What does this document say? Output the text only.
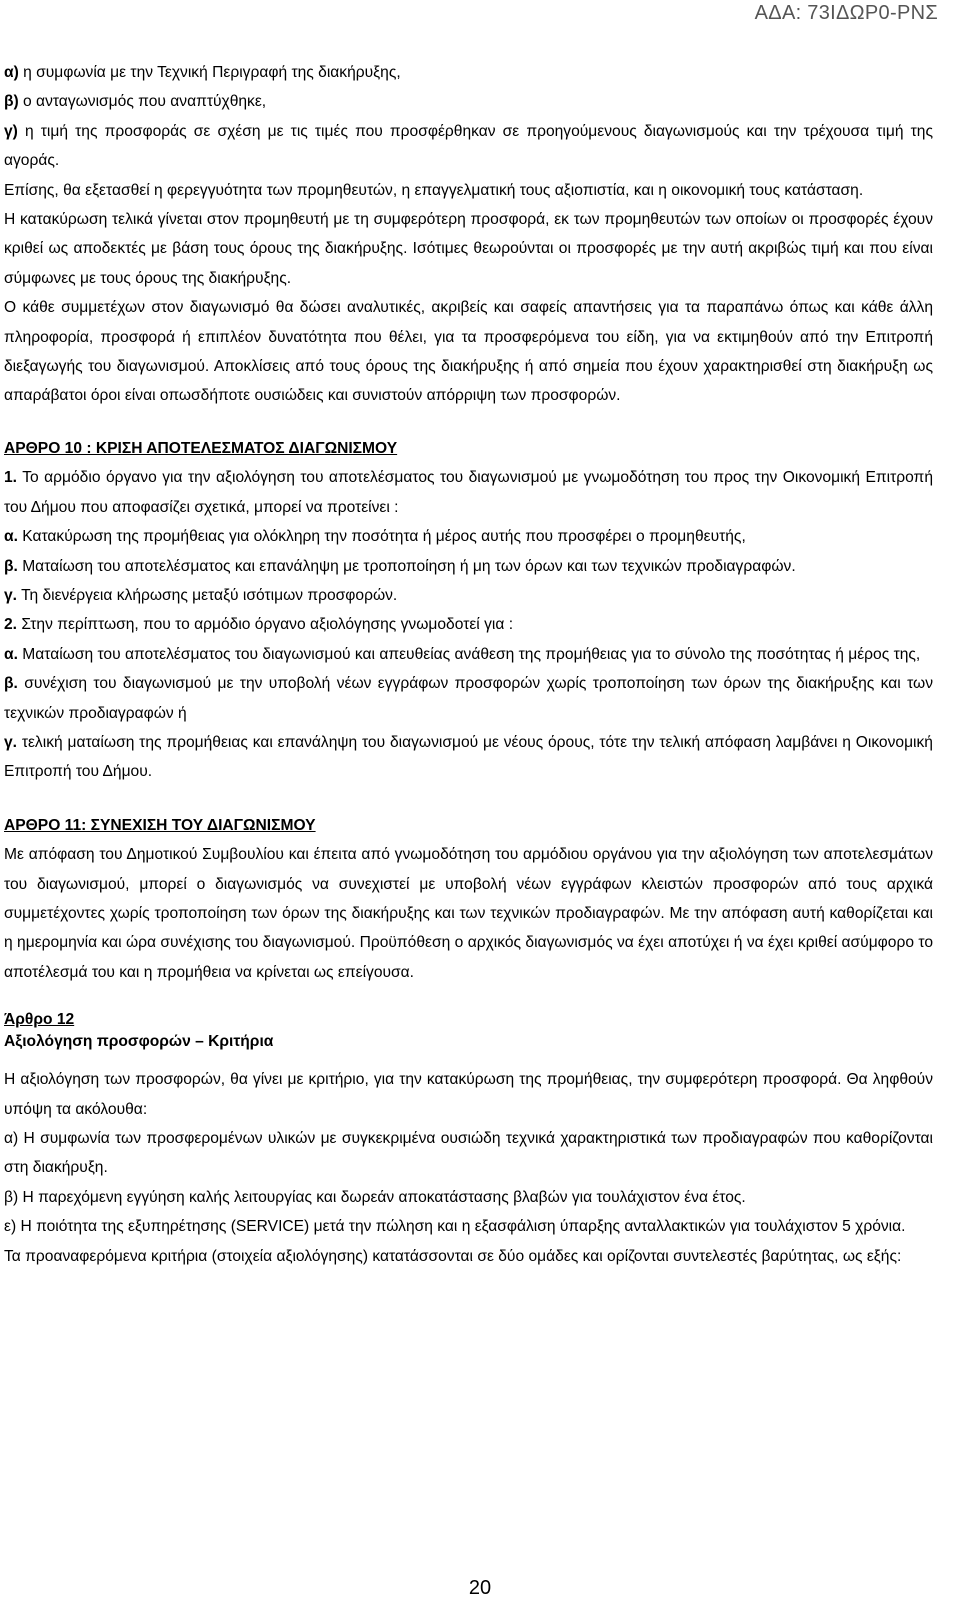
ΑΔΑ: 73ΙΔΩΡ0-ΡΝΣ

α) η συμφωνία με την Τεχνική Περιγραφή της διακήρυξης,

β) ο ανταγωνισμός που αναπτύχθηκε,

γ) η τιμή της προσφοράς σε σχέση με τις τιμές που προσφέρθηκαν σε προηγούμενους διαγωνισμούς και την τρέχουσα τιμή της αγοράς.

Επίσης, θα εξετασθεί η φερεγγυότητα των προμηθευτών, η επαγγελματική τους αξιοπιστία, και η οικονομική τους κατάσταση.

Η κατακύρωση τελικά γίνεται στον προμηθευτή με τη συμφερότερη προσφορά, εκ των προμηθευτών των οποίων οι προσφορές έχουν κριθεί ως αποδεκτές με βάση τους όρους της διακήρυξης. Ισότιμες θεωρούνται οι προσφορές με την αυτή ακριβώς τιμή και που είναι σύμφωνες με τους όρους της διακήρυξης.

Ο κάθε συμμετέχων στον διαγωνισμό θα δώσει αναλυτικές, ακριβείς και σαφείς απαντήσεις για τα παραπάνω όπως και κάθε άλλη πληροφορία, προσφορά ή επιπλέον δυνατότητα που θέλει, για τα προσφερόμενα του είδη, για να εκτιμηθούν από την Επιτροπή διεξαγωγής του διαγωνισμού. Αποκλίσεις από τους όρους της διακήρυξης ή από σημεία που έχουν χαρακτηρισθεί στη διακήρυξη ως απαράβατοι όροι είναι οπωσδήποτε ουσιώδεις και συνιστούν απόρριψη των προσφορών.

ΑΡΘΡΟ 10 : ΚΡΙΣΗ ΑΠΟΤΕΛΕΣΜΑΤΟΣ ΔΙΑΓΩΝΙΣΜΟΥ

1. Το αρμόδιο όργανο για την αξιολόγηση του αποτελέσματος του διαγωνισμού με γνωμοδότηση του προς την Οικονομική Επιτροπή του Δήμου που αποφασίζει σχετικά, μπορεί να προτείνει :

α. Κατακύρωση της προμήθειας για ολόκληρη την ποσότητα ή μέρος αυτής που προσφέρει ο προμηθευτής,

β. Ματαίωση του αποτελέσματος και επανάληψη με τροποποίηση ή μη των όρων και των τεχνικών προδιαγραφών.

γ. Τη διενέργεια κλήρωσης μεταξύ ισότιμων προσφορών.

2. Στην περίπτωση, που το αρμόδιο όργανο αξιολόγησης γνωμοδοτεί για :

α. Ματαίωση του αποτελέσματος του διαγωνισμού και απευθείας ανάθεση της προμήθειας για το σύνολο της ποσότητας ή μέρος της,

β. συνέχιση του διαγωνισμού με την υποβολή νέων εγγράφων προσφορών χωρίς τροποποίηση των όρων της διακήρυξης και των τεχνικών προδιαγραφών ή

γ. τελική ματαίωση της προμήθειας και επανάληψη του διαγωνισμού με νέους όρους, τότε την τελική απόφαση λαμβάνει η Οικονομική Επιτροπή του Δήμου.

ΑΡΘΡΟ 11: ΣΥΝΕΧΙΣΗ ΤΟΥ ΔΙΑΓΩΝΙΣΜΟΥ

Με απόφαση του Δημοτικού Συμβουλίου και έπειτα από γνωμοδότηση του αρμόδιου οργάνου για την αξιολόγηση των αποτελεσμάτων του διαγωνισμού, μπορεί ο διαγωνισμός να συνεχιστεί με υποβολή νέων εγγράφων κλειστών προσφορών από τους αρχικά συμμετέχοντες χωρίς τροποποίηση των όρων της διακήρυξης και των τεχνικών προδιαγραφών. Με την απόφαση αυτή καθορίζεται και η ημερομηνία και ώρα συνέχισης του διαγωνισμού. Προϋπόθεση ο αρχικός διαγωνισμός να έχει αποτύχει ή να έχει κριθεί ασύμφορο το αποτέλεσμά του και η προμήθεια να κρίνεται ως επείγουσα.

Άρθρο 12

Αξιολόγηση προσφορών – Κριτήρια

Η αξιολόγηση των προσφορών, θα γίνει με κριτήριο, για την κατακύρωση της προμήθειας, την συμφερότερη προσφορά. Θα ληφθούν υπόψη τα ακόλουθα:

α) Η συμφωνία των προσφερομένων υλικών με συγκεκριμένα ουσιώδη τεχνικά χαρακτηριστικά των προδιαγραφών που καθορίζονται στη διακήρυξη.

β) Η παρεχόμενη εγγύηση καλής λειτουργίας και δωρεάν αποκατάστασης βλαβών για τουλάχιστον ένα έτος.

ε) Η ποιότητα της εξυπηρέτησης (SERVICE) μετά την πώληση και η εξασφάλιση ύπαρξης ανταλλακτικών για τουλάχιστον 5 χρόνια.

Τα προαναφερόμενα κριτήρια (στοιχεία αξιολόγησης) κατατάσσονται σε δύο ομάδες και ορίζονται συντελεστές βαρύτητας, ως εξής:

20
